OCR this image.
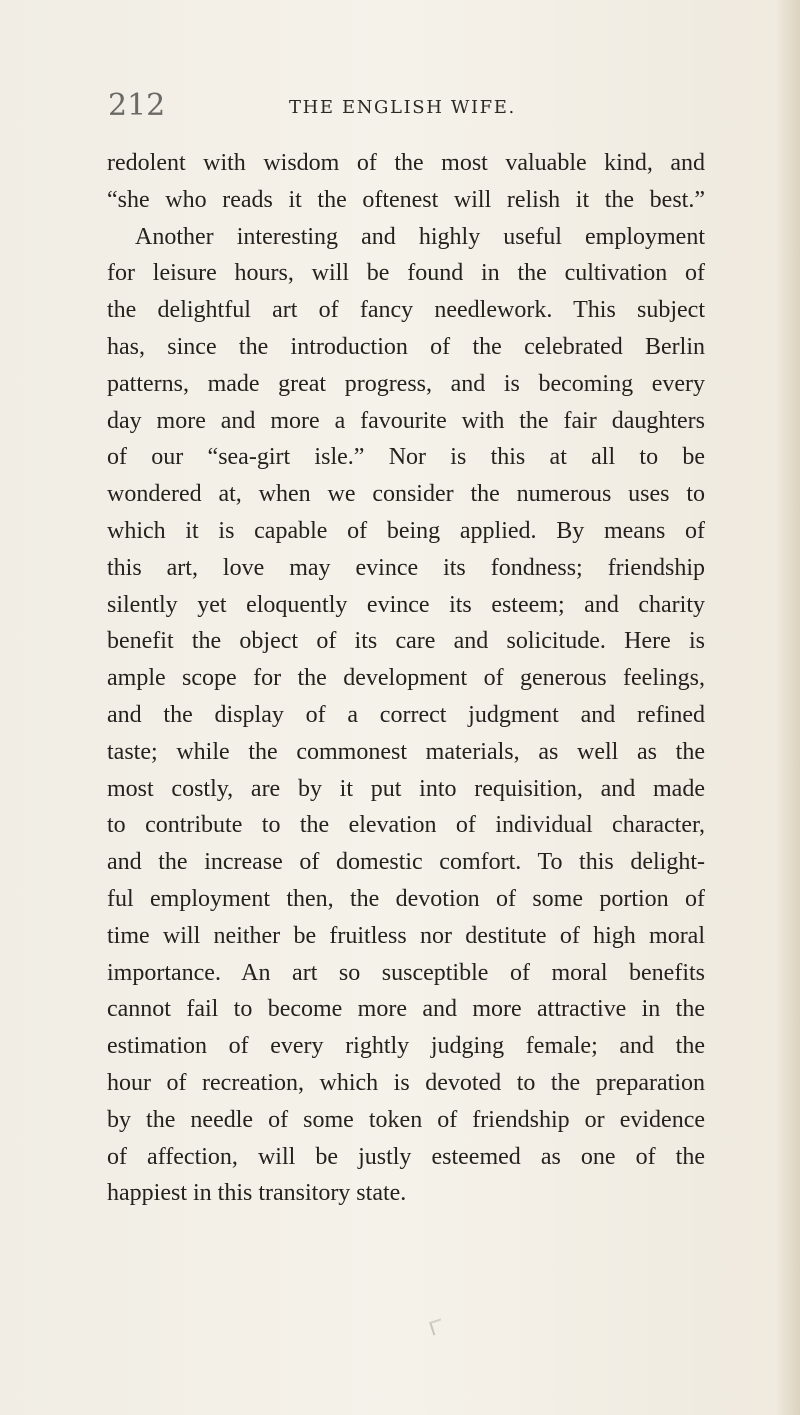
212	THE ENGLISH WIFE.
redolent with wisdom of the most valuable kind, and
“she who reads it the oftenest will relish it the best.”
Another interesting and highly useful employment
for leisure hours, will be found in the cultivation of
the delightful art of fancy needlework. This subject
has, since the introduction of the celebrated Berlin
patterns, made great progress, and is becoming every
day more and more a favourite with the fair daughters
of our “sea-girt isle.” Nor is this at all to be
wondered at, when we consider the numerous uses to
which it is capable of being applied. By means of
this art, love may evince its fondness; friendship
silently yet eloquently evince its esteem; and charity
benefit the object of its care and solicitude. Here is
ample scope for the development of generous feelings,
and the display of a correct judgment and refined
taste; while the commonest materials, as well as the
most costly, are by it put into requisition, and made
to contribute to the elevation of individual character,
and the increase of domestic comfort. To this delight-
ful employment then, the devotion of some portion of
time will neither be fruitless nor destitute of high moral
importance. An art so susceptible of moral benefits
cannot fail to become more and more attractive in the
estimation of every rightly judging female; and the
hour of recreation, which is devoted to the preparation
by the needle of some token of friendship or evidence
of affection, will be justly esteemed as one of the
happiest in this transitory state.
